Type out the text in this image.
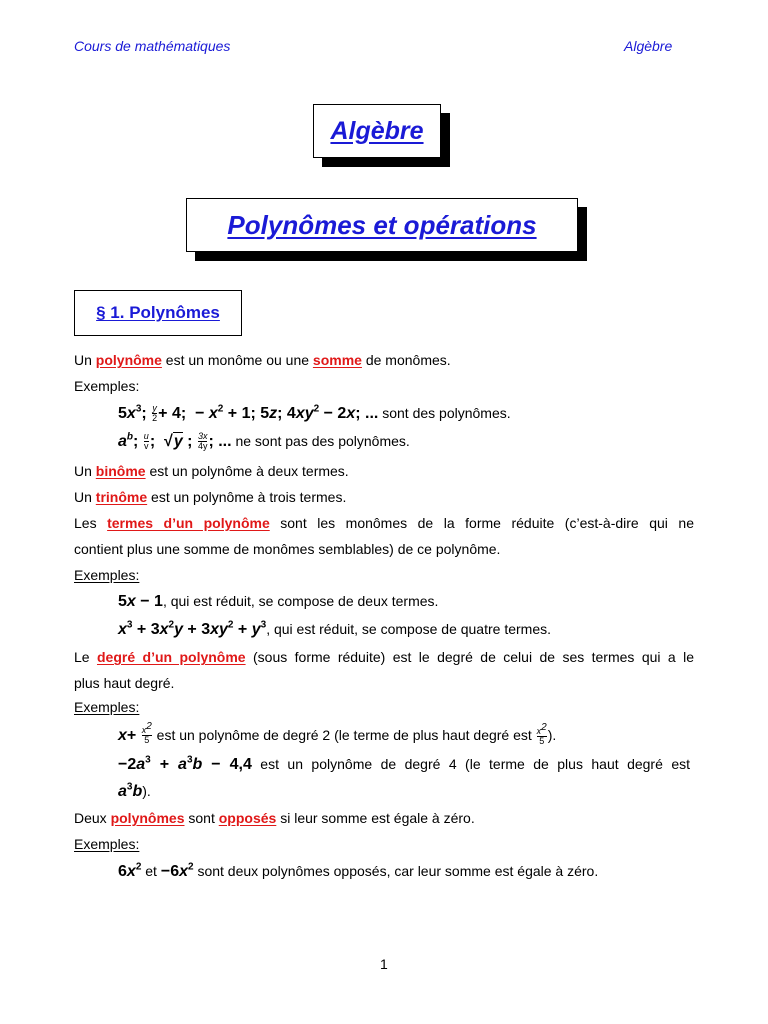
Cours de mathématiques	Algèbre
Algèbre
Polynômes et opérations
§ 1. Polynômes
Un polynôme est un monôme ou une somme de monômes.
Exemples:
$5x^3$; $\frac{y}{2} + 4$;  − $x^2 + 1$; 5z; $4xy^2 - 2x$; ... sont des polynômes.
$a^b$; $\frac{u}{v}$ ;  √y ; $\frac{3x}{4y}$ ; ... ne sont pas des polynômes.
Un binôme est un polynôme à deux termes.
Un trinôme est un polynôme à trois termes.
Les termes d’un polynôme sont les monômes de la forme réduite (c’est-à-dire qui ne
contient plus une somme de monômes semblables) de ce polynôme.
Exemples:
5x − 1, qui est réduit, se compose de deux termes.
$x^3 + 3x^2y + 3xy^2 + y^3$, qui est réduit, se compose de quatre termes.
Le degré d’un polynôme (sous forme réduite) est le degré de celui de ses termes qui a le
plus haut degré.
Exemples:
$x+ \frac{x^2}{5}$ est un polynôme de degré 2 (le terme de plus haut degré est $\frac{x^2}{5}$ ).
$-2a^3 + a^3b - 4,4$ est un polynôme de degré 4 (le terme de plus haut degré est
$a^3b$).
Deux polynômes sont opposés si leur somme est égale à zéro.
Exemples:
$6x^2$ et $-6x^2$ sont deux polynômes opposés, car leur somme est égale à zéro.
1
